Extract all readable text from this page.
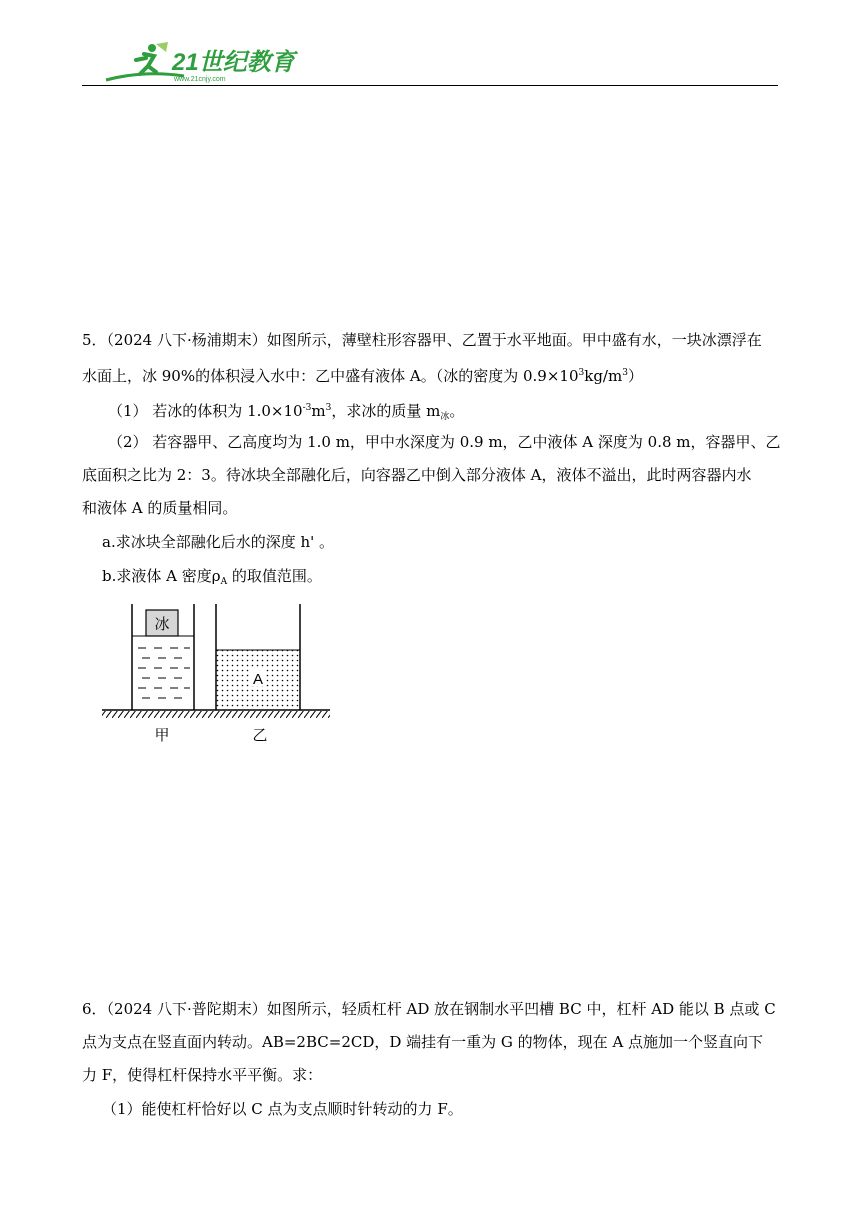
21世纪教育
www.21cnjy.com
5．（2024 八下·杨浦期末）如图所示，薄壁柱形容器甲、乙置于水平地面。甲中盛有水，一块冰漂浮在
水面上，冰 90%的体积浸入水中：乙中盛有液体 A。（冰的密度为 $0.9\times 10^3kg/m^3$）
（1） 若冰的体积为 $1.0\times 10^{-3}m^3$，求冰的质量 $m_冰$。
（2） 若容器甲、乙高度均为 1.0 m，甲中水深度为 0.9 m，乙中液体 A 深度为 0.8 m，容器甲、乙
底面积之比为 2：3。待冰块全部融化后，向容器乙中倒入部分液体 A，液体不溢出，此时两容器内水
和液体 A 的质量相同。
a.求冰块全部融化后水的深度 h' 。
b.求液体 A 密度$\rho_A$ 的取值范围。
冰
A
甲	乙
6．（2024 八下·普陀期末）如图所示，轻质杠杆 AD 放在钢制水平凹槽 BC 中，杠杆 AD 能以 B 点或 C
点为支点在竖直面内转动。AB=2BC=2CD，D 端挂有一重为 G 的物体，现在 A 点施加一个竖直向下
力 F，使得杠杆保持水平平衡。求：
（1）能使杠杆恰好以 C 点为支点顺时针转动的力 F。
